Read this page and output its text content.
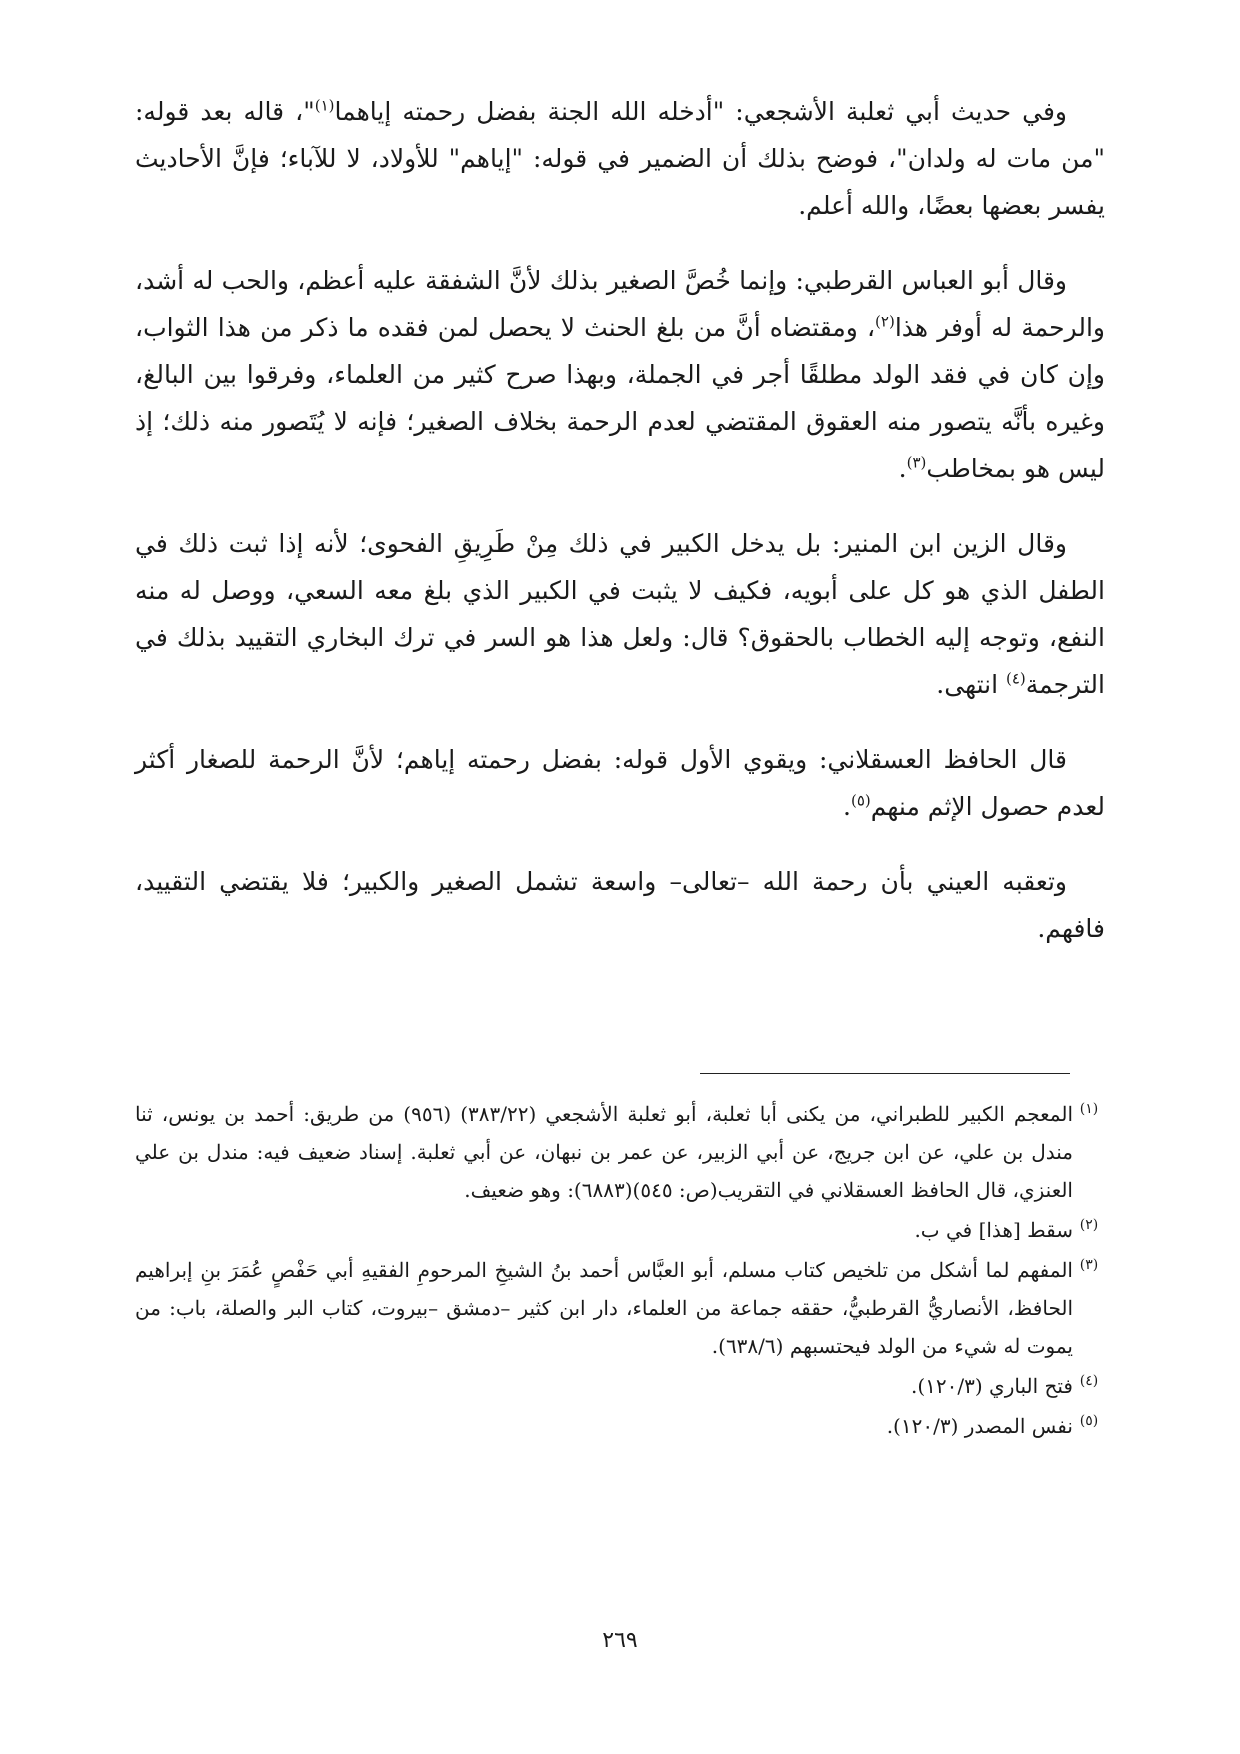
وفي حديث أبي ثعلبة الأشجعي: "أدخله الله الجنة بفضل رحمته إياهما$^{(١)}$"، قاله بعد قوله: "من مات له ولدان"، فوضح بذلك أن الضمير في قوله: "إياهم" للأولاد، لا للآباء؛ فإنَّ الأحاديث يفسر بعضها بعضًا، والله أعلم.

وقال أبو العباس القرطبي: وإنما خُصَّ الصغير بذلك لأنَّ الشفقة عليه أعظم، والحب له أشد، والرحمة له أوفر هذا$^{(٢)}$، ومقتضاه أنَّ من بلغ الحنث لا يحصل لمن فقده ما ذكر من هذا الثواب، وإن كان في فقد الولد مطلقًا أجر في الجملة، وبهذا صرح كثير من العلماء، وفرقوا بين البالغ، وغيره بأنَّه يتصور منه العقوق المقتضي لعدم الرحمة بخلاف الصغير؛ فإنه لا يُتَصور منه ذلك؛ إذ ليس هو بمخاطب$^{(٣)}$.

وقال الزين ابن المنير: بل يدخل الكبير في ذلك مِنْ طَرِيقِ الفحوى؛ لأنه إذا ثبت ذلك في الطفل الذي هو كل على أبويه، فكيف لا يثبت في الكبير الذي بلغ معه السعي، ووصل له منه النفع، وتوجه إليه الخطاب بالحقوق؟ قال: ولعل هذا هو السر في ترك البخاري التقييد بذلك في الترجمة$^{(٤)}$ انتهى.

قال الحافظ العسقلاني: ويقوي الأول قوله: بفضل رحمته إياهم؛ لأنَّ الرحمة للصغار أكثر لعدم حصول الإثم منهم$^{(٥)}$.

وتعقبه العيني بأن رحمة الله –تعالى– واسعة تشمل الصغير والكبير؛ فلا يقتضي التقييد، فافهم.

(١)المعجم الكبير للطبراني، من يكنى أبا ثعلبة، أبو ثعلبة الأشجعي (٣٨٣/٢٢) (٩٥٦) من طريق: أحمد بن يونس، ثنا مندل بن علي، عن ابن جريج، عن أبي الزبير، عن عمر بن نبهان، عن أبي ثعلبة. إسناد ضعيف فيه: مندل بن علي العنزي، قال الحافظ العسقلاني في التقريب(ص: ٥٤٥)(٦٨٨٣): وهو ضعيف.

(٢)سقط [هذا] في ب.

(٣)المفهم لما أشكل من تلخيص كتاب مسلم، أبو العبَّاس أحمد بنُ الشيخِ المرحومِ الفقيهِ أبي حَفْصٍ عُمَرَ بنِ إبراهيم الحافظ، الأنصاريُّ القرطبيُّ، حققه جماعة من العلماء، دار ابن كثير –دمشق –بيروت، كتاب البر والصلة، باب: من يموت له شيء من الولد فيحتسبهم (٦٣٨/٦).

(٤)فتح الباري (١٢٠/٣).

(٥)نفس المصدر (١٢٠/٣).

٢٦٩
